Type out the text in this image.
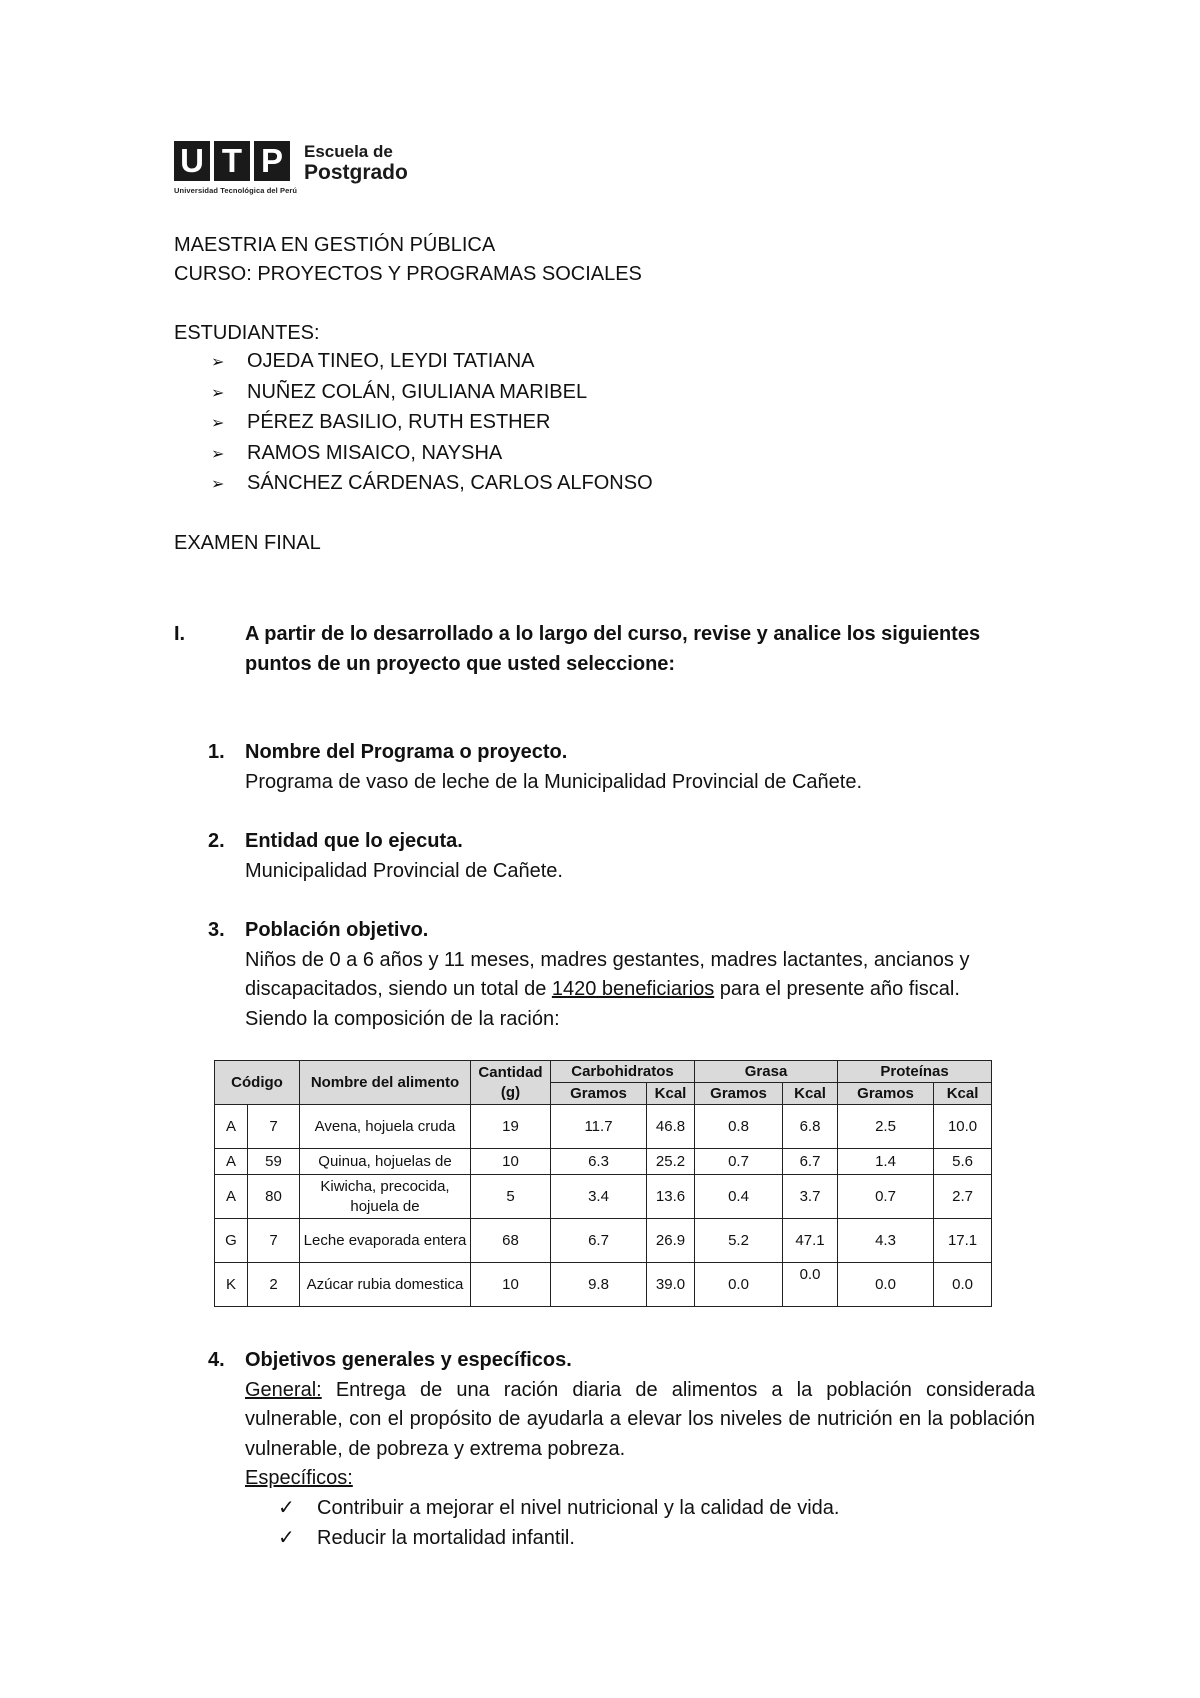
U T P	Escuela de
Postgrado
Universidad Tecnológica del Perú
MAESTRIA EN GESTIÓN PÚBLICA
CURSO: PROYECTOS Y PROGRAMAS SOCIALES
ESTUDIANTES:
➢ OJEDA TINEO, LEYDI TATIANA
➢ NUÑEZ COLÁN, GIULIANA MARIBEL
➢ PÉREZ BASILIO, RUTH ESTHER
➢ RAMOS MISAICO, NAYSHA
➢ SÁNCHEZ CÁRDENAS, CARLOS ALFONSO
EXAMEN FINAL
I.	A partir de lo desarrollado a lo largo del curso, revise y analice los siguientes

puntos de un proyecto que usted seleccione:

1. Nombre del Programa o proyecto.

Programa de vaso de leche de la Municipalidad Provincial de Cañete.

2. Entidad que lo ejecuta.

Municipalidad Provincial de Cañete.

3. Población objetivo.

Niños de 0 a 6 años y 11 meses, madres gestantes, madres lactantes, ancianos y

discapacitados, siendo un total de 1420 beneficiarios para el presente año fiscal.

Siendo la composición de la ración:

Código		Nombre del alimento	Cantidad (g)	Carbohidratos		Grasa		Proteínas	
				Gramos	Kcal	Gramos	Kcal	Gramos	Kcal
A	7	Avena, hojuela cruda	19	11.7	46.8	0.8	6.8	2.5	10.0
A	59	Quinua, hojuelas de	10	6.3	25.2	0.7	6.7	1.4	5.6
A	80	Kiwicha, precocida, hojuela de	5	3.4	13.6	0.4	3.7	0.7	2.7
G	7	Leche evaporada entera	68	6.7	26.9	5.2	47.1	4.3	17.1
K	2	Azúcar rubia domestica	10	9.8	39.0	0.0	0.0	0.0	0.0
4. Objetivos generales y específicos.

General: Entrega de una ración diaria de alimentos a la población considerada vulnerable, con el propósito de ayudarla a elevar los niveles de nutrición en la población vulnerable, de pobreza y extrema pobreza.

Específicos:

✓ Contribuir a mejorar el nivel nutricional y la calidad de vida.
✓ Reducir la mortalidad infantil.
